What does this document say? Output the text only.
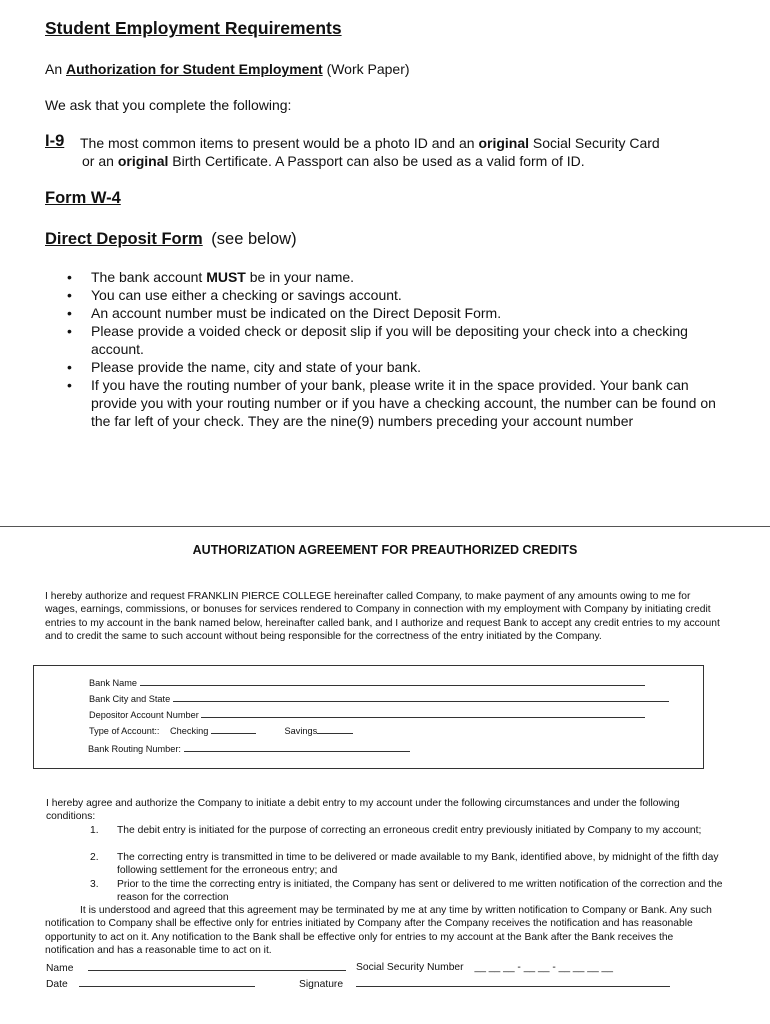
Student Employment Requirements
An Authorization for Student Employment (Work Paper)
We ask that you complete the following:
I-9 The most common items to present would be a photo ID and an original Social Security Card
or an original Birth Certificate. A Passport can also be used as a valid form of ID.
Form W-4
Direct Deposit Form (see below)
• The bank account MUST be in your name.
• You can use either a checking or savings account.
• An account number must be indicated on the Direct Deposit Form.
• Please provide a voided check or deposit slip if you will be depositing your check into a checking account.
• Please provide the name, city and state of your bank.
• If you have the routing number of your bank, please write it in the space provided. Your bank can provide you with your routing number or if you have a checking account, the number can be found on the far left of your check. They are the nine(9) numbers preceding your account number
AUTHORIZATION AGREEMENT FOR PREAUTHORIZED CREDITS
I hereby authorize and request FRANKLIN PIERCE COLLEGE hereinafter called Company, to make payment of any amounts owing to me for wages, earnings, commissions, or bonuses for services rendered to Company in connection with my employment with Company by initiating credit entries to my account in the bank named below, hereinafter called bank, and I authorize and request Bank to accept any credit entries to my account and to credit the same to such account without being responsible for the correctness of the entry initiated by the Company.
Bank Name
Bank City and State
Depositor Account Number
Type of Account:: Checking	Savings
Bank Routing Number:
I hereby agree and authorize the Company to initiate a debit entry to my account under the following circumstances and under the following conditions:
1.	The debit entry is initiated for the purpose of correcting an erroneous credit entry previously initiated by Company to my account;
2.	The correcting entry is transmitted in time to be delivered or made available to my Bank, identified above, by midnight of the fifth day following settlement for the erroneous entry; and
3.	Prior to the time the correcting entry is initiated, the Company has sent or delivered to me written notification of the correction and the reason for the correction
It is understood and agreed that this agreement may be terminated by me at any time by written notification to Company or Bank. Any such notification to Company shall be effective only for entries initiated by Company after the Company receives the notification and has reasonable opportunity to act on it. Any notification to the Bank shall be effective only for entries to my account at the Bank after the Bank receives the notification and has a reasonable time to act on it.
Name	Social Security Number __ __ __ - __ __ - __ __ __ __
Date	Signature
